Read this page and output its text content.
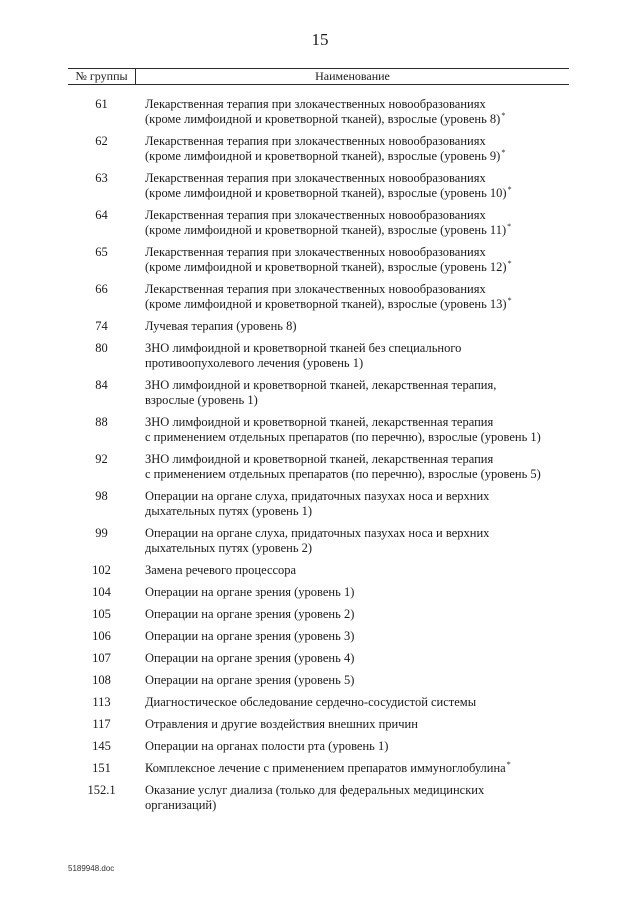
15
№ группы	Наименование
61	Лекарственная терапия при злокачественных новообразованиях
(кроме лимфоидной и кроветворной тканей), взрослые (уровень 8)*
62	Лекарственная терапия при злокачественных новообразованиях
(кроме лимфоидной и кроветворной тканей), взрослые (уровень 9)*
63	Лекарственная терапия при злокачественных новообразованиях
(кроме лимфоидной и кроветворной тканей), взрослые (уровень 10)*
64	Лекарственная терапия при злокачественных новообразованиях
(кроме лимфоидной и кроветворной тканей), взрослые (уровень 11)*
65	Лекарственная терапия при злокачественных новообразованиях
(кроме лимфоидной и кроветворной тканей), взрослые (уровень 12)*
66	Лекарственная терапия при злокачественных новообразованиях
(кроме лимфоидной и кроветворной тканей), взрослые (уровень 13)*
74	Лучевая терапия (уровень 8)
80	ЗНО лимфоидной и кроветворной тканей без специального
противоопухолевого лечения (уровень 1)
84	ЗНО лимфоидной и кроветворной тканей, лекарственная терапия,
взрослые (уровень 1)
88	ЗНО лимфоидной и кроветворной тканей, лекарственная терапия
с применением отдельных препаратов (по перечню), взрослые (уровень 1)
92	ЗНО лимфоидной и кроветворной тканей, лекарственная терапия
с применением отдельных препаратов (по перечню), взрослые (уровень 5)
98	Операции на органе слуха, придаточных пазухах носа и верхних
дыхательных путях (уровень 1)
99	Операции на органе слуха, придаточных пазухах носа и верхних
дыхательных путях (уровень 2)
102	Замена речевого процессора
104	Операции на органе зрения (уровень 1)
105	Операции на органе зрения (уровень 2)
106	Операции на органе зрения (уровень 3)
107	Операции на органе зрения (уровень 4)
108	Операции на органе зрения (уровень 5)
113	Диагностическое обследование сердечно-сосудистой системы
117	Отравления и другие воздействия внешних причин
145	Операции на органах полости рта (уровень 1)
151	Комплексное лечение с применением препаратов иммуноглобулина*
152.1	Оказание услуг диализа (только для федеральных медицинских
организаций)
5189948.doc
